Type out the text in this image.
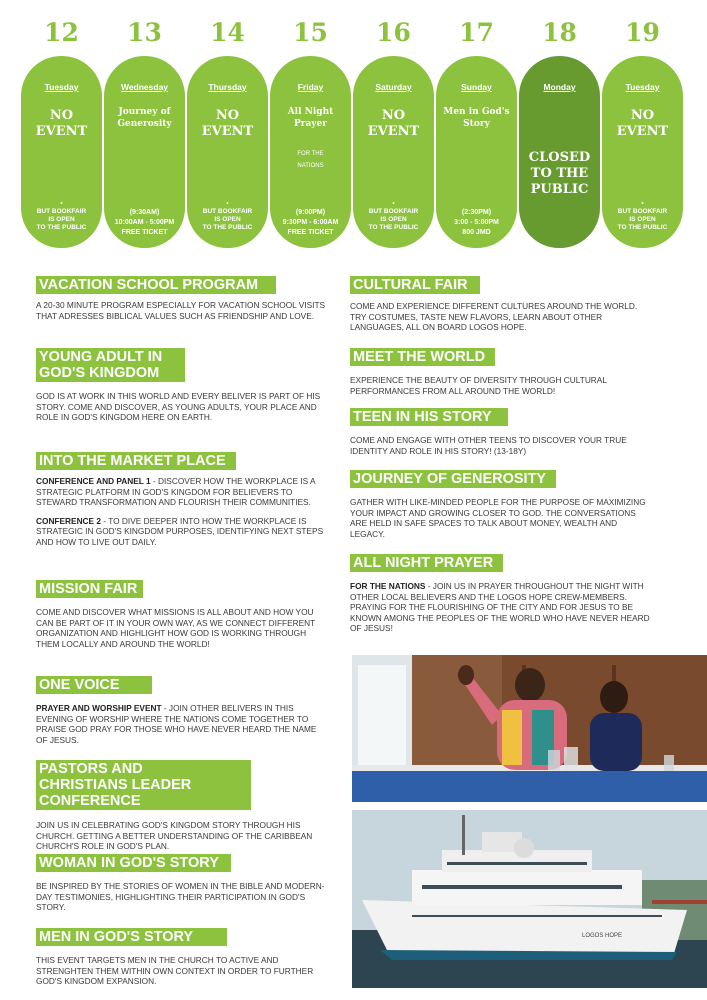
12
Tuesday
NO EVENT
•
BUT BOOKFAIR
IS OPEN
TO THE PUBLIC
13
Wednesday
Journey of Generosity
(9:30AM)
10:00AM - 5:00PM
FREE TICKET
14
Thursday
NO EVENT
•
BUT BOOKFAIR
IS OPEN
TO THE PUBLIC
15
Friday
All Night Prayer
FOR THE NATIONS
(9:00PM)
9:30PM - 6:00AM
FREE TICKET
16
Saturday
NO EVENT
•
BUT BOOKFAIR
IS OPEN
TO THE PUBLIC
17
Sunday
Men in God's Story
(2:30PM)
3:00 - 5:00PM
800 JMD
18
Monday
CLOSED TO THE PUBLIC
19
Tuesday
NO EVENT
•
BUT BOOKFAIR
IS OPEN
TO THE PUBLIC
VACATION SCHOOL PROGRAM

A 20-30 MINUTE PROGRAM ESPECIALLY FOR VACATION SCHOOL VISITS THAT ADRESSES BIBLICAL VALUES SUCH AS FRIENDSHIP AND LOVE.

YOUNG ADULT IN GOD'S KINGDOM

GOD IS AT WORK IN THIS WORLD AND EVERY BELIVER IS PART OF HIS STORY. COME AND DISCOVER, AS YOUNG ADULTS, YOUR PLACE AND ROLE IN GOD'S KINGDOM HERE ON EARTH.

INTO THE MARKET PLACE

CONFERENCE AND PANEL 1 - DISCOVER HOW THE WORKPLACE IS A STRATEGIC PLATFORM IN GOD'S KINGDOM FOR BELIEVERS TO STEWARD TRANSFORMATION AND FLOURISH THEIR COMMUNITIES.

CONFERENCE 2 - TO DIVE DEEPER INTO HOW THE WORKPLACE IS STRATEGIC IN GOD'S KINGDOM PURPOSES, IDENTIFYING NEXT STEPS AND HOW TO LIVE OUT DAILY.

MISSION FAIR

COME AND DISCOVER WHAT MISSIONS IS ALL ABOUT AND HOW YOU CAN BE PART OF IT IN YOUR OWN WAY, AS WE CONNECT DIFFERENT ORGANIZATION AND HIGHLIGHT HOW GOD IS WORKING THROUGH THEM LOCALLY AND AROUND THE WORLD!

ONE VOICE

PRAYER AND WORSHIP EVENT - JOIN OTHER BELIVERS IN THIS EVENING OF WORSHIP WHERE THE NATIONS COME TOGETHER TO PRAISE GOD PRAY FOR THOSE WHO HAVE NEVER HEARD THE NAME OF JESUS.

PASTORS AND CHRISTIANS LEADER CONFERENCE

JOIN US IN CELEBRATING GOD'S KINGDOM STORY THROUGH HIS CHURCH. GETTING A BETTER UNDERSTANDING OF THE CARIBBEAN CHURCH'S ROLE IN GOD'S PLAN.

WOMAN IN GOD'S STORY

BE INSPIRED BY THE STORIES OF WOMEN IN THE BIBLE AND MODERN-DAY TESTIMONIES, HIGHLIGHTING THEIR PARTICIPATION IN GOD'S STORY.

MEN IN GOD'S STORY

THIS EVENT TARGETS MEN IN THE CHURCH TO ACTIVE AND STRENGHTEN THEM WITHIN OWN CONTEXT IN ORDER TO FURTHER GOD'S KINGDOM EXPANSION.

CULTURAL FAIR

COME AND EXPERIENCE DIFFERENT CULTURES AROUND THE WORLD. TRY COSTUMES, TASTE NEW FLAVORS, LEARN ABOUT OTHER LANGUAGES, ALL ON BOARD LOGOS HOPE.

MEET THE WORLD

EXPERIENCE THE BEAUTY OF DIVERSITY THROUGH CULTURAL PERFORMANCES FROM ALL AROUND THE WORLD!

TEEN IN HIS STORY

COME AND ENGAGE WITH OTHER TEENS TO DISCOVER YOUR TRUE IDENTITY AND ROLE IN HIS STORY! (13-18Y)

JOURNEY OF GENEROSITY

GATHER WITH LIKE-MINDED PEOPLE FOR THE PURPOSE OF MAXIMIZING YOUR IMPACT AND GROWING CLOSER TO GOD. THE CONVERSATIONS ARE HELD IN SAFE SPACES TO TALK ABOUT MONEY, WEALTH AND LEGACY.

ALL NIGHT PRAYER

FOR THE NATIONS - JOIN US IN PRAYER THROUGHOUT THE NIGHT WITH OTHER LOCAL BELIEVERS AND THE LOGOS HOPE CREW-MEMBERS. PRAYING FOR THE FLOURISHING OF THE CITY AND FOR JESUS TO BE KNOWN AMONG THE PEOPLES OF THE WORLD WHO HAVE NEVER HEARD OF JESUS!

LOGOS HOPE
